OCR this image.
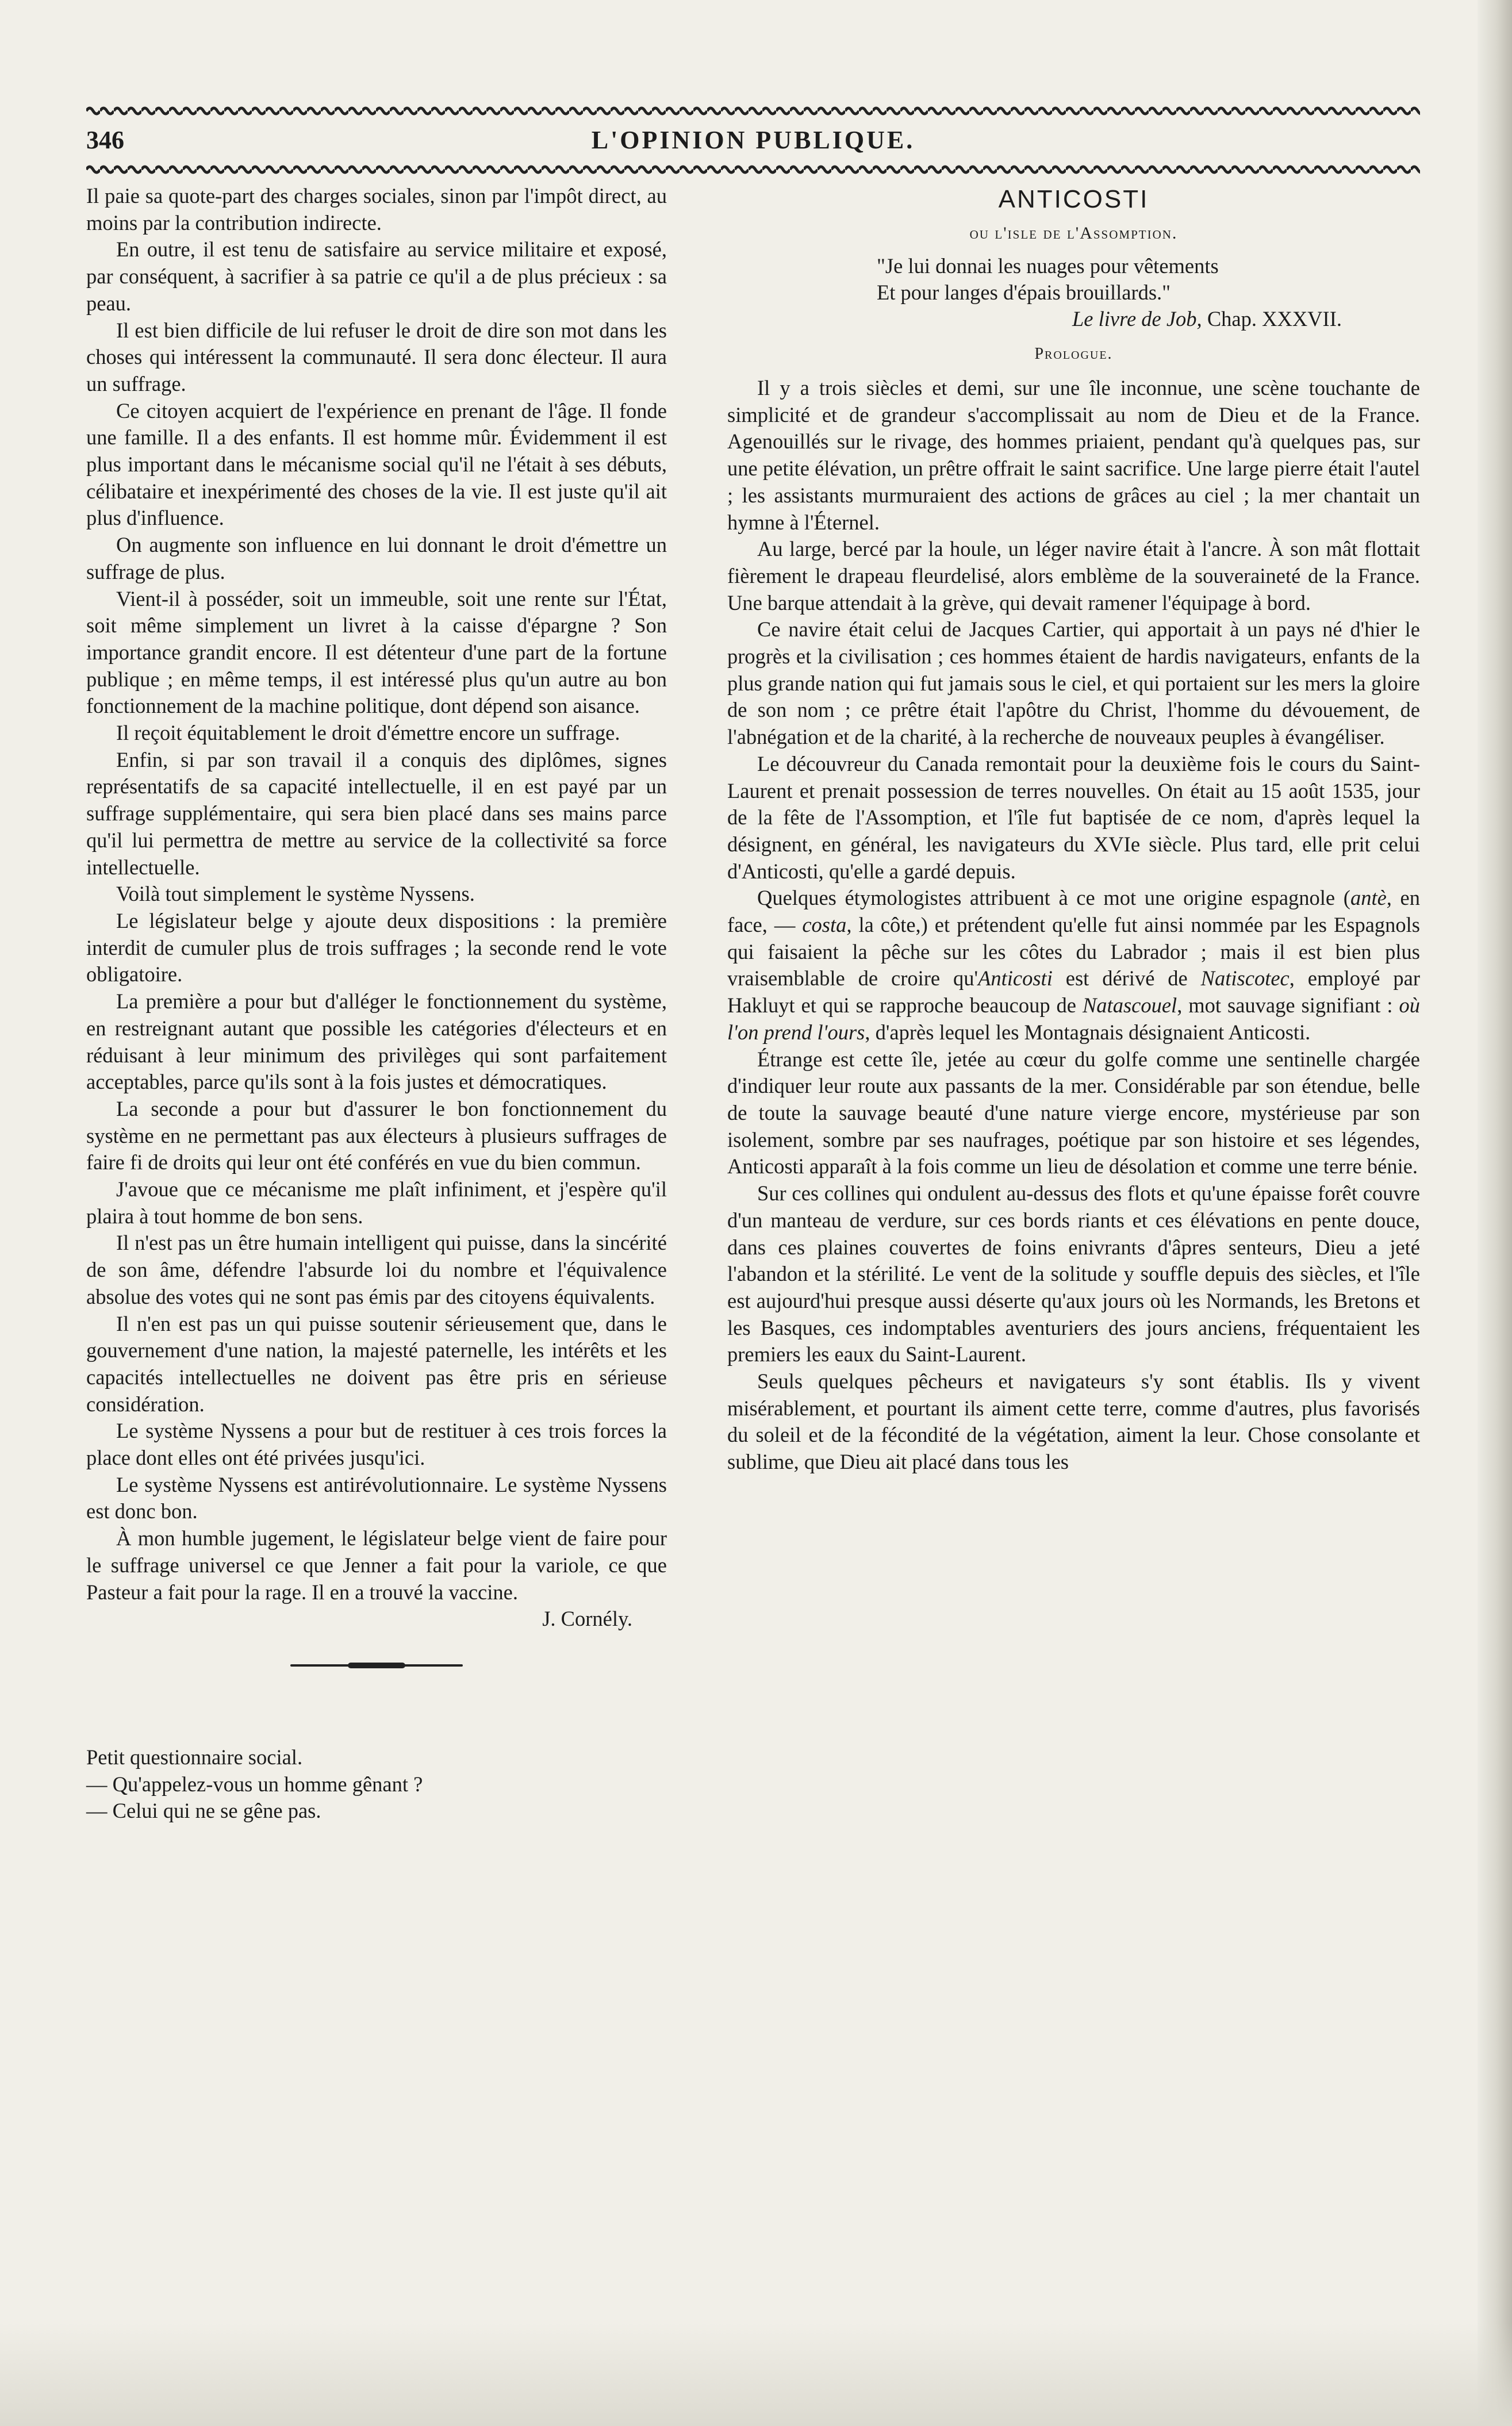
346	L'OPINION PUBLIQUE.

Il paie sa quote-part des charges sociales, sinon par l'impôt direct, au moins par la contribution indirecte.

En outre, il est tenu de satisfaire au service militaire et exposé, par conséquent, à sacrifier à sa patrie ce qu'il a de plus précieux : sa peau.

Il est bien difficile de lui refuser le droit de dire son mot dans les choses qui intéressent la communauté. Il sera donc électeur. Il aura un suffrage.

Ce citoyen acquiert de l'expérience en prenant de l'âge. Il fonde une famille. Il a des enfants. Il est homme mûr. Évidemment il est plus important dans le mécanisme social qu'il ne l'était à ses débuts, célibataire et inexpérimenté des choses de la vie. Il est juste qu'il ait plus d'influence.

On augmente son influence en lui donnant le droit d'émettre un suffrage de plus.

Vient-il à posséder, soit un immeuble, soit une rente sur l'État, soit même simplement un livret à la caisse d'épargne ? Son importance grandit encore. Il est détenteur d'une part de la fortune publique ; en même temps, il est intéressé plus qu'un autre au bon fonctionnement de la machine politique, dont dépend son aisance.

Il reçoit équitablement le droit d'émettre encore un suffrage.

Enfin, si par son travail il a conquis des diplômes, signes représentatifs de sa capacité intellectuelle, il en est payé par un suffrage supplémentaire, qui sera bien placé dans ses mains parce qu'il lui permettra de mettre au service de la collectivité sa force intellectuelle.

Voilà tout simplement le système Nyssens.

Le législateur belge y ajoute deux dispositions : la première interdit de cumuler plus de trois suffrages ; la seconde rend le vote obligatoire.

La première a pour but d'alléger le fonctionnement du système, en restreignant autant que possible les catégories d'électeurs et en réduisant à leur minimum des privilèges qui sont parfaitement acceptables, parce qu'ils sont à la fois justes et démocratiques.

La seconde a pour but d'assurer le bon fonctionnement du système en ne permettant pas aux électeurs à plusieurs suffrages de faire fi de droits qui leur ont été conférés en vue du bien commun.

J'avoue que ce mécanisme me plaît infiniment, et j'espère qu'il plaira à tout homme de bon sens.

Il n'est pas un être humain intelligent qui puisse, dans la sincérité de son âme, défendre l'absurde loi du nombre et l'équivalence absolue des votes qui ne sont pas émis par des citoyens équivalents.

Il n'en est pas un qui puisse soutenir sérieusement que, dans le gouvernement d'une nation, la majesté paternelle, les intérêts et les capacités intellectuelles ne doivent pas être pris en sérieuse considération.

Le système Nyssens a pour but de restituer à ces trois forces la place dont elles ont été privées jusqu'ici.

Le système Nyssens est antirévolutionnaire. Le système Nyssens est donc bon.

À mon humble jugement, le législateur belge vient de faire pour le suffrage universel ce que Jenner a fait pour la variole, ce que Pasteur a fait pour la rage. Il en a trouvé la vaccine.

J. Cornély.

Petit questionnaire social.
— Qu'appelez-vous un homme gênant ?
— Celui qui ne se gêne pas.
ANTICOSTI
ou l'isle de l'Assomption.
"Je lui donnai les nuages pour vêtements
Et pour langes d'épais brouillards."
Le livre de Job, Chap. XXXVII.
Prologue.

Il y a trois siècles et demi, sur une île inconnue, une scène touchante de simplicité et de grandeur s'accomplissait au nom de Dieu et de la France. Agenouillés sur le rivage, des hommes priaient, pendant qu'à quelques pas, sur une petite élévation, un prêtre offrait le saint sacrifice. Une large pierre était l'autel ; les assistants murmuraient des actions de grâces au ciel ; la mer chantait un hymne à l'Éternel.

Au large, bercé par la houle, un léger navire était à l'ancre. À son mât flottait fièrement le drapeau fleurdelisé, alors emblème de la souveraineté de la France. Une barque attendait à la grève, qui devait ramener l'équipage à bord.

Ce navire était celui de Jacques Cartier, qui apportait à un pays né d'hier le progrès et la civilisation ; ces hommes étaient de hardis navigateurs, enfants de la plus grande nation qui fut jamais sous le ciel, et qui portaient sur les mers la gloire de son nom ; ce prêtre était l'apôtre du Christ, l'homme du dévouement, de l'abnégation et de la charité, à la recherche de nouveaux peuples à évangéliser.

Le découvreur du Canada remontait pour la deuxième fois le cours du Saint-Laurent et prenait possession de terres nouvelles. On était au 15 août 1535, jour de la fête de l'Assomption, et l'île fut baptisée de ce nom, d'après lequel la désignent, en général, les navigateurs du XVIe siècle. Plus tard, elle prit celui d'Anticosti, qu'elle a gardé depuis.

Quelques étymologistes attribuent à ce mot une origine espagnole (antè, en face, — costa, la côte,) et prétendent qu'elle fut ainsi nommée par les Espagnols qui faisaient la pêche sur les côtes du Labrador ; mais il est bien plus vraisemblable de croire qu'Anticosti est dérivé de Natiscotec, employé par Hakluyt et qui se rapproche beaucoup de Natascouel, mot sauvage signifiant : où l'on prend l'ours, d'après lequel les Montagnais désignaient Anticosti.

Étrange est cette île, jetée au cœur du golfe comme une sentinelle chargée d'indiquer leur route aux passants de la mer. Considérable par son étendue, belle de toute la sauvage beauté d'une nature vierge encore, mystérieuse par son isolement, sombre par ses naufrages, poétique par son histoire et ses légendes, Anticosti apparaît à la fois comme un lieu de désolation et comme une terre bénie.

Sur ces collines qui ondulent au-dessus des flots et qu'une épaisse forêt couvre d'un manteau de verdure, sur ces bords riants et ces élévations en pente douce, dans ces plaines couvertes de foins enivrants d'âpres senteurs, Dieu a jeté l'abandon et la stérilité. Le vent de la solitude y souffle depuis des siècles, et l'île est aujourd'hui presque aussi déserte qu'aux jours où les Normands, les Bretons et les Basques, ces indomptables aventuriers des jours anciens, fréquentaient les premiers les eaux du Saint-Laurent.

Seuls quelques pêcheurs et navigateurs s'y sont établis. Ils y vivent misérablement, et pourtant ils aiment cette terre, comme d'autres, plus favorisés du soleil et de la fécondité de la végétation, aiment la leur. Chose consolante et sublime, que Dieu ait placé dans tous les
